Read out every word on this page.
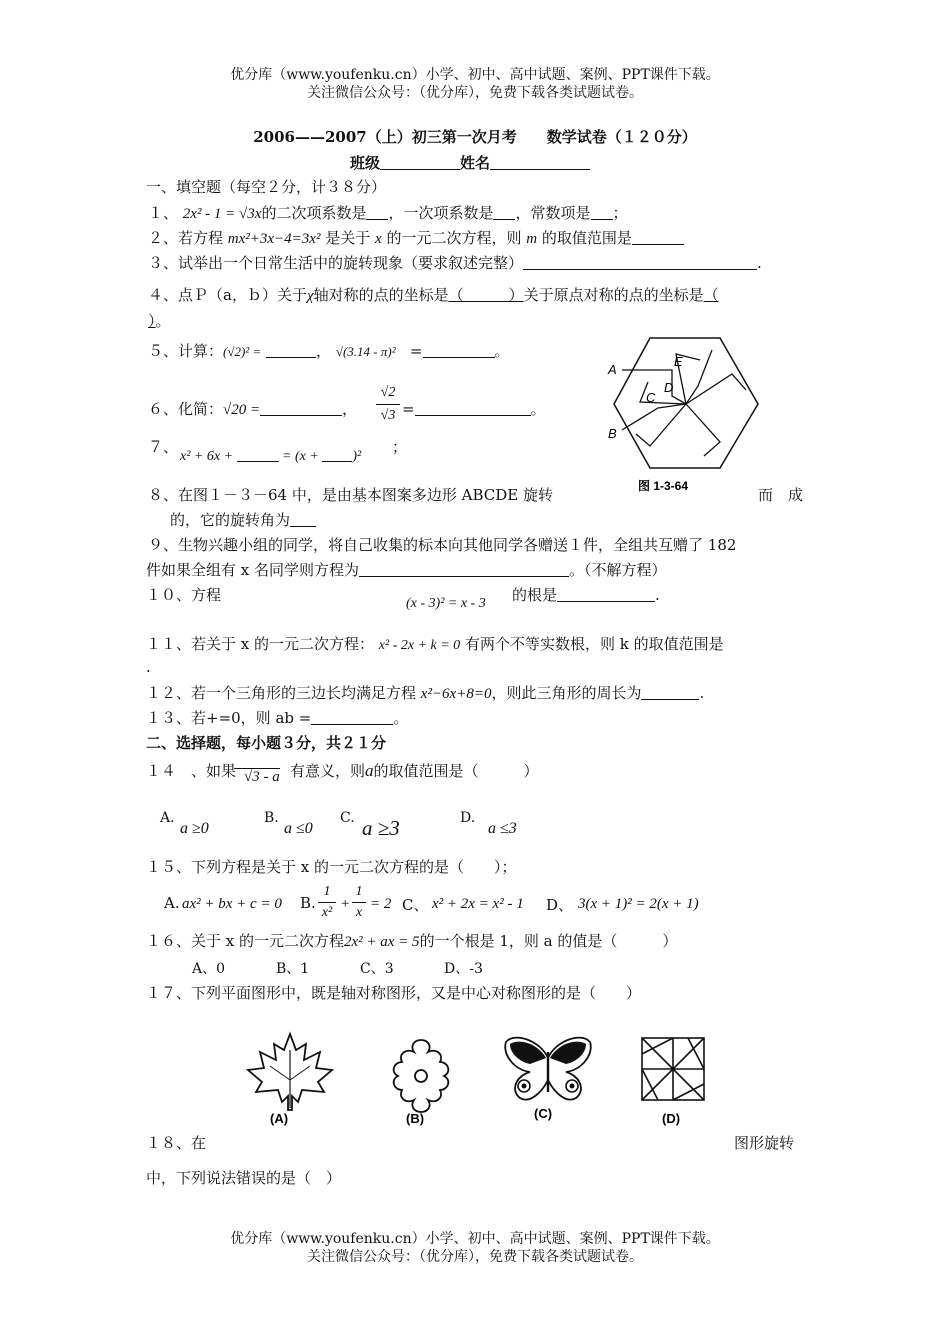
优分库（www.youfenku.cn）小学、初中、高中试题、案例、PPT课件下载。
关注微信公众号：（优分库），免费下载各类试题试卷。
2006——2007（上）初三第一次月考　　数学试卷（１２０分）
班级	姓名
一、填空题（每空２分，计３８分）
１、 2x² - 1 = √3x的二次项系数是 ，一次项系数是 ，常数项是 ；
２、若方程 mx²+3x−4=3x² 是关于 x 的一元二次方程，则 m 的取值范围是
３、试举出一个日常生活中的旋转现象（要求叙述完整）	.
４、点Ｐ（a，ｂ）关于χ轴对称的点的坐标是（　　　）关于原点对称的点的坐标是（
）。
５、计算：(√2)² =	， √(3.14 - π)² =	。
６、化简：√20 =	，
√2
√3 =	。
７、
x² + 6x +	= (x + )²
；
A
B
C
D
E
图 1-3-64
８、在图１－３－64 中，是由基本图案多边形 ABCDE 旋转	而　成
的，它的旋转角为
９、生物兴趣小组的同学，将自己收集的标本向其他同学各赠送１件，全组共互赠了 182
件如果全组有 x 名同学则方程为	。（不解方程）
１０、方程	(x - 3)² = x - 3 的根是	.
１１、若关于 x 的一元二次方程： x² - 2x + k = 0 有两个不等实数根，则 k 的取值范围是
.
１２、若一个三角形的三边长均满足方程 x²−6x+8=0，则此三角形的周长为	.
１３、若+=0，则 ab =	。
二、选择题，每小题３分，共２１分
１４　、如果 √3 - a 有意义，则a的取值范围是（　　　）
A.
a ≥0
B.
a ≤0
C. a ≥3	D.
a ≤3
１５、下列方程是关于 x 的一元二次方程的是（　　）；
A. ax² + bx + c = 0 B.
1
x²
+
1
x
= 2 C、 x² + 2x = x² - 1 D、 3(x + 1)² = 2(x + 1)
１６、关于 x 的一元二次方程2x² + ax = 5的一个根是 1，则 a 的值是（　　　）
A、0	B、1	C、3	D、-3
１７、下列平面图形中，既是轴对称图形，又是中心对称图形的是（　　）
(A)	(B)	(C)	(D)
１８、在	图形旋转
中，下列说法错误的是（　）
优分库（www.youfenku.cn）小学、初中、高中试题、案例、PPT课件下载。
关注微信公众号：（优分库），免费下载各类试题试卷。
